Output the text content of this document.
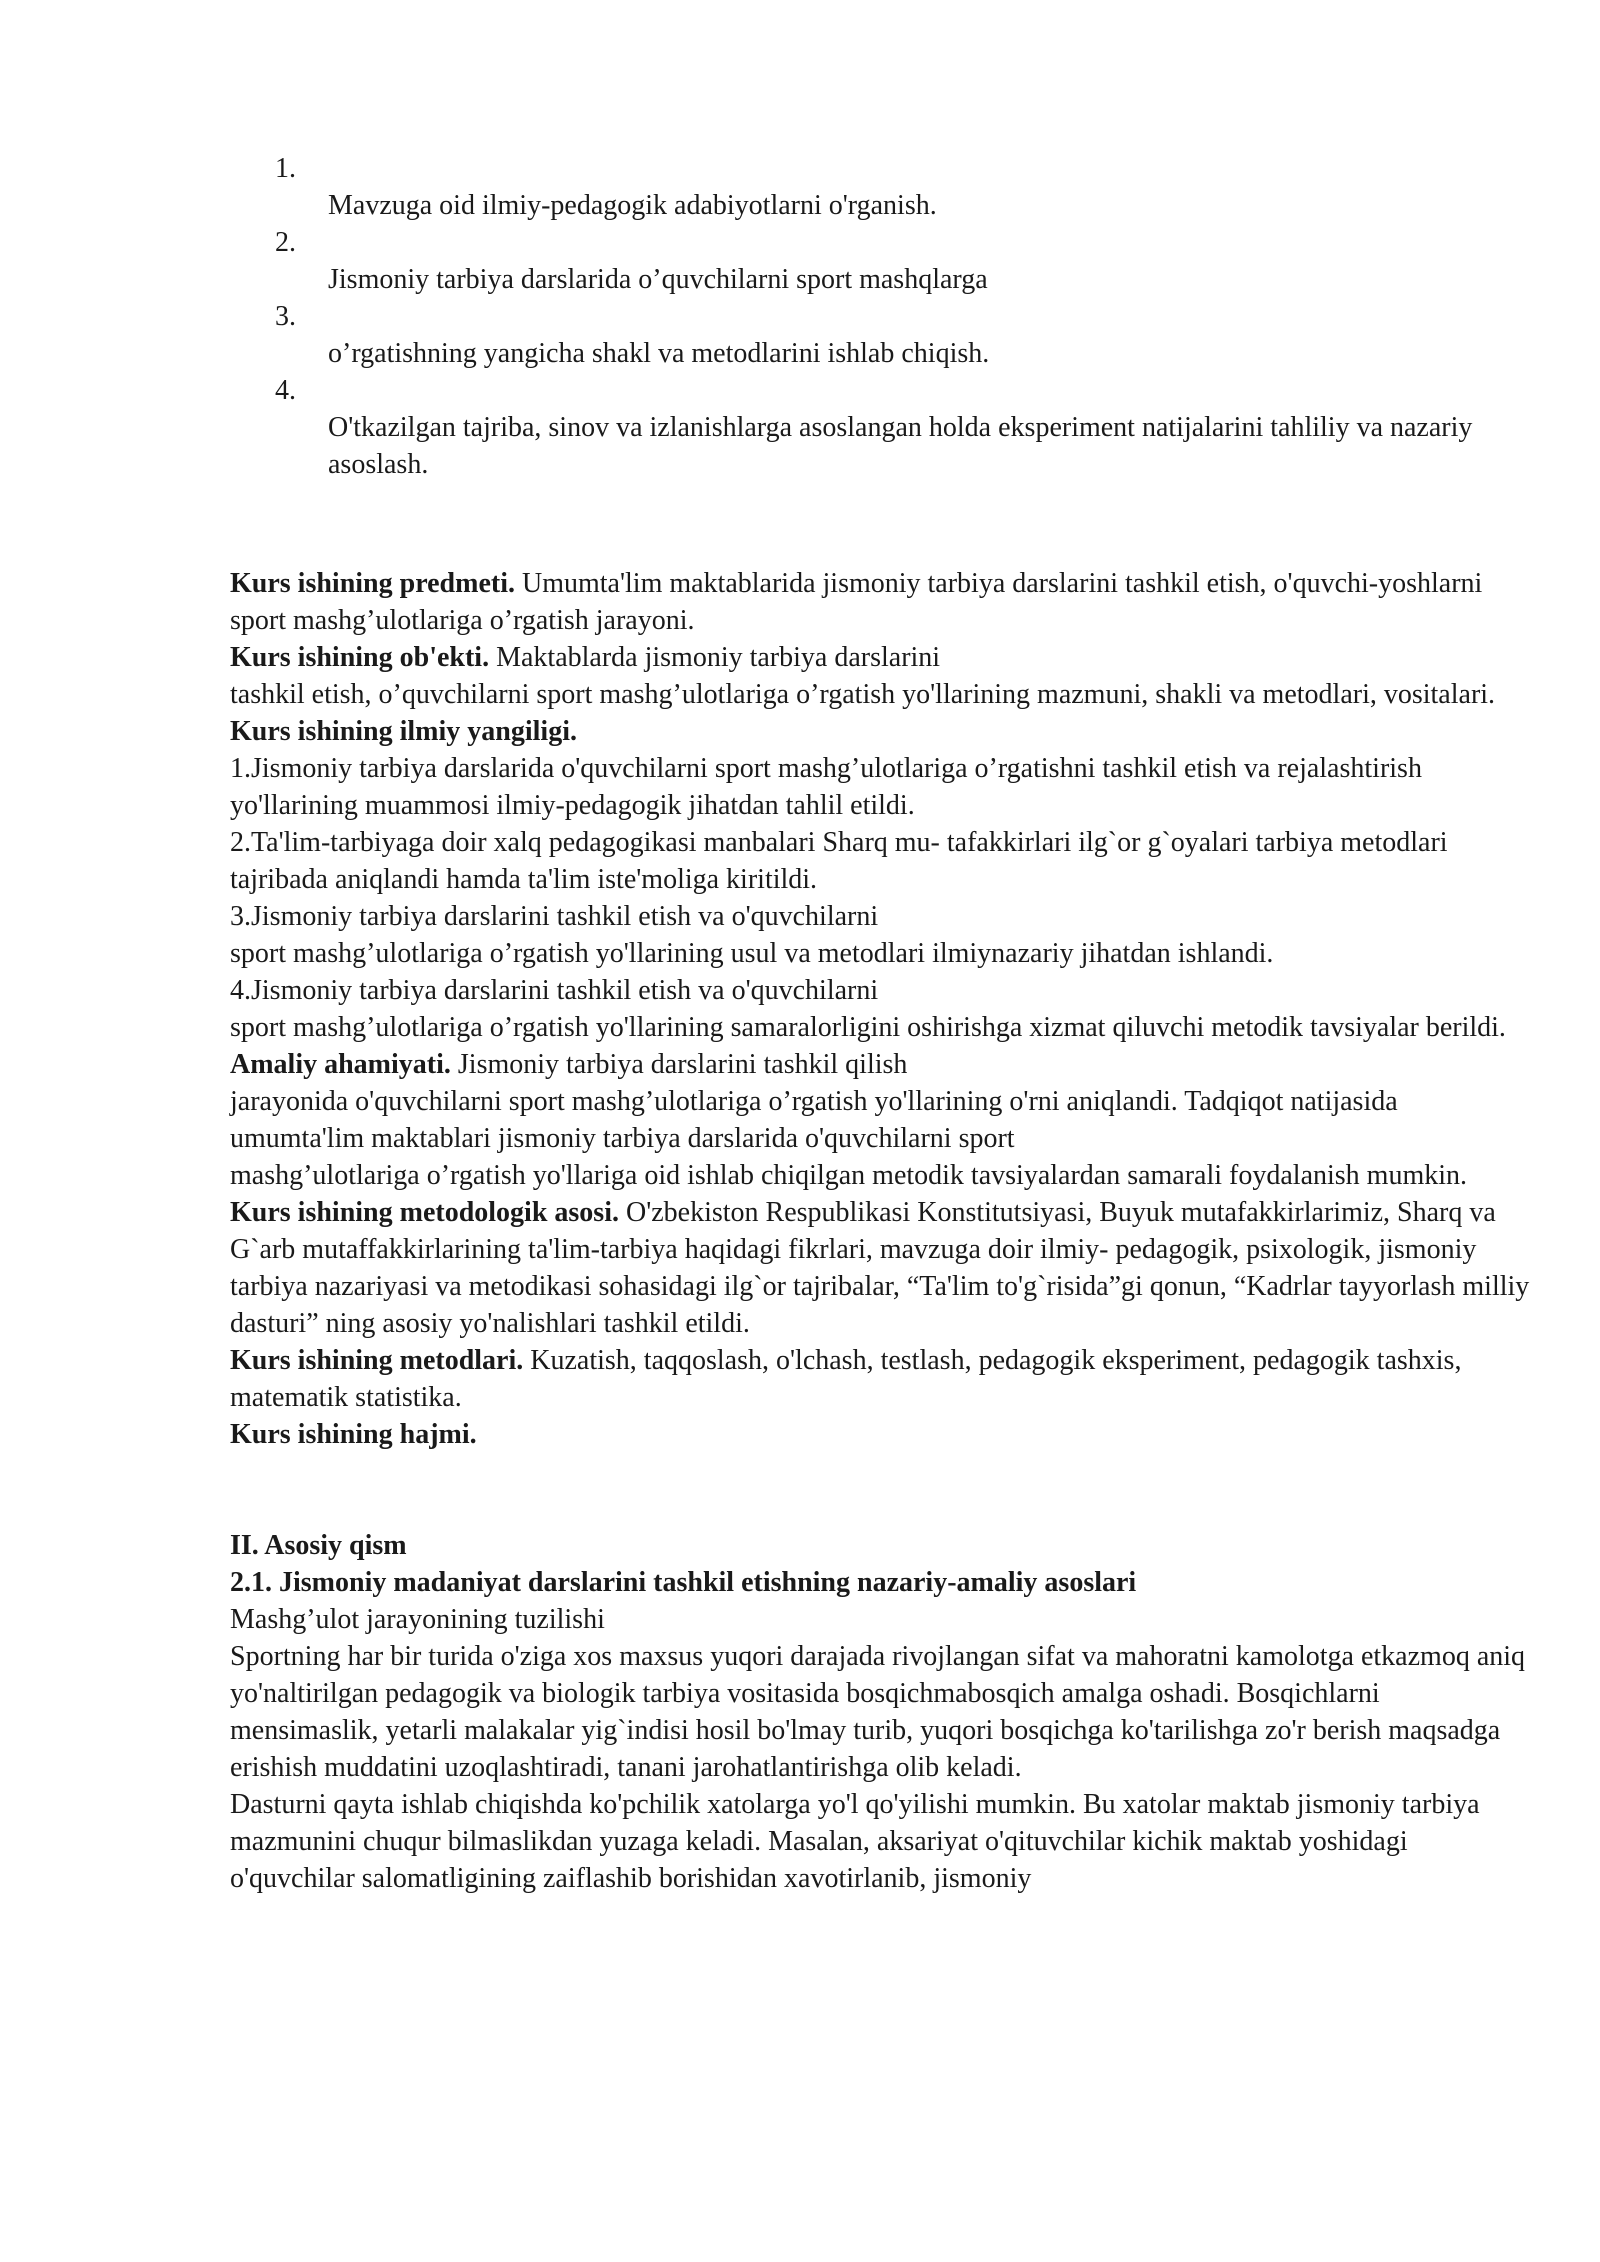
1.
Mavzuga oid ilmiy-pedagogik adabiyotlarni o'rganish.
2.
Jismoniy tarbiya darslarida o’quvchilarni sport mashqlarga
3.
o’rgatishning yangicha shakl va metodlarini ishlab chiqish.
4.
O'tkazilgan tajriba, sinov va izlanishlarga asoslangan holda eksperiment natijalarini tahliliy va nazariy asoslash.

Kurs ishining predmeti. Umumta'lim maktablarida jismoniy tarbiya darslarini tashkil etish, o'quvchi-yoshlarni sport mashg’ulotlariga o’rgatish jarayoni.

Kurs ishining ob'ekti. Maktablarda jismoniy tarbiya darslarini

tashkil etish, o’quvchilarni sport mashg’ulotlariga o’rgatish yo'llarining mazmuni, shakli va metodlari, vositalari.

Kurs ishining ilmiy yangiligi.

1.Jismoniy tarbiya darslarida o'quvchilarni sport mashg’ulotlariga o’rgatishni tashkil etish va rejalashtirish yo'llarining muammosi ilmiy-pedagogik jihatdan tahlil etildi.

2.Ta'lim-tarbiyaga doir xalq pedagogikasi manbalari Sharq mu- tafakkirlari ilg`or g`oyalari tarbiya metodlari tajribada aniqlandi hamda ta'lim iste'moliga kiritildi.

3.Jismoniy tarbiya darslarini tashkil etish va o'quvchilarni

sport mashg’ulotlariga o’rgatish yo'llarining usul va metodlari ilmiynazariy jihatdan ishlandi.

4.Jismoniy tarbiya darslarini tashkil etish va o'quvchilarni

sport mashg’ulotlariga o’rgatish yo'llarining samaralorligini oshirishga xizmat qiluvchi metodik tavsiyalar berildi.

Amaliy ahamiyati. Jismoniy tarbiya darslarini tashkil qilish

jarayonida o'quvchilarni sport mashg’ulotlariga o’rgatish yo'llarining o'rni aniqlandi. Tadqiqot natijasida umumta'lim maktablari jismoniy tarbiya darslarida o'quvchilarni sport

mashg’ulotlariga o’rgatish yo'llariga oid ishlab chiqilgan metodik tavsiyalardan samarali foydalanish mumkin.

Kurs ishining metodologik asosi. O'zbekiston Respublikasi Konstitutsiyasi, Buyuk mutafakkirlarimiz, Sharq va G`arb mutaffakkirlarining ta'lim-tarbiya haqidagi fikrlari, mavzuga doir ilmiy- pedagogik, psixologik, jismoniy tarbiya nazariyasi va metodikasi sohasidagi ilg`or tajribalar, “Ta'lim to'g`risida”gi qonun, “Kadrlar tayyorlash milliy dasturi” ning asosiy yo'nalishlari tashkil etildi.

Kurs ishining metodlari. Kuzatish, taqqoslash, o'lchash, testlash, pedagogik eksperiment, pedagogik tashxis, matematik statistika.

Kurs ishining hajmi.

II. Asosiy qism

2.1. Jismoniy madaniyat darslarini tashkil etishning nazariy-amaliy asoslari

Mashg’ulot jarayonining tuzilishi

Sportning har bir turida o'ziga xos maxsus yuqori darajada rivojlangan sifat va mahoratni kamolotga etkazmoq aniq yo'naltirilgan pedagogik va biologik tarbiya vositasida bosqichmabosqich amalga oshadi. Bosqichlarni mensimaslik, yetarli malakalar yig`indisi hosil bo'lmay turib, yuqori bosqichga ko'tarilishga zo'r berish maqsadga erishish muddatini uzoqlashtiradi, tanani jarohatlantirishga olib keladi.

Dasturni qayta ishlab chiqishda ko'pchilik xatolarga yo'l qo'yilishi mumkin. Bu xatolar maktab jismoniy tarbiya mazmunini chuqur bilmaslikdan yuzaga keladi. Masalan, aksariyat o'qituvchilar kichik maktab yoshidagi o'quvchilar salomatligining zaiflashib borishidan xavotirlanib, jismoniy
